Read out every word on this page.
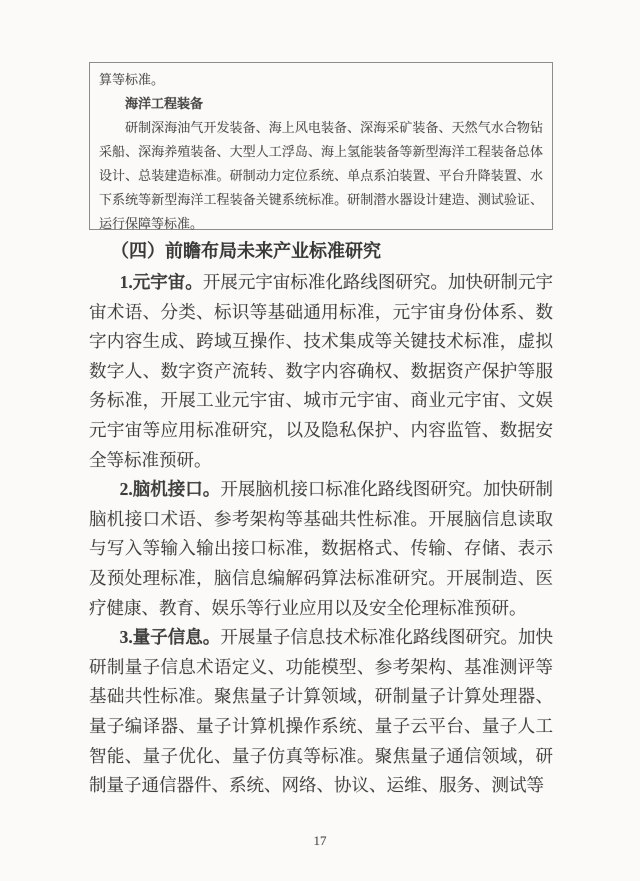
算等标准。

海洋工程装备

研制深海油气开发装备、海上风电装备、深海采矿装备、天然气水合物钻采船、深海养殖装备、大型人工浮岛、海上氢能装备等新型海洋工程装备总体设计、总装建造标准。研制动力定位系统、单点系泊装置、平台升降装置、水下系统等新型海洋工程装备关键系统标准。研制潜水器设计建造、测试验证、运行保障等标准。

（四）前瞻布局未来产业标准研究

1.元宇宙。开展元宇宙标准化路线图研究。加快研制元宇宙术语、分类、标识等基础通用标准，元宇宙身份体系、数字内容生成、跨域互操作、技术集成等关键技术标准，虚拟数字人、数字资产流转、数字内容确权、数据资产保护等服务标准，开展工业元宇宙、城市元宇宙、商业元宇宙、文娱元宇宙等应用标准研究，以及隐私保护、内容监管、数据安全等标准预研。

2.脑机接口。开展脑机接口标准化路线图研究。加快研制脑机接口术语、参考架构等基础共性标准。开展脑信息读取与写入等输入输出接口标准，数据格式、传输、存储、表示及预处理标准，脑信息编解码算法标准研究。开展制造、医疗健康、教育、娱乐等行业应用以及安全伦理标准预研。

3.量子信息。开展量子信息技术标准化路线图研究。加快研制量子信息术语定义、功能模型、参考架构、基准测评等基础共性标准。聚焦量子计算领域，研制量子计算处理器、量子编译器、量子计算机操作系统、量子云平台、量子人工智能、量子优化、量子仿真等标准。聚焦量子通信领域，研制量子通信器件、系统、网络、协议、运维、服务、测试等

17
